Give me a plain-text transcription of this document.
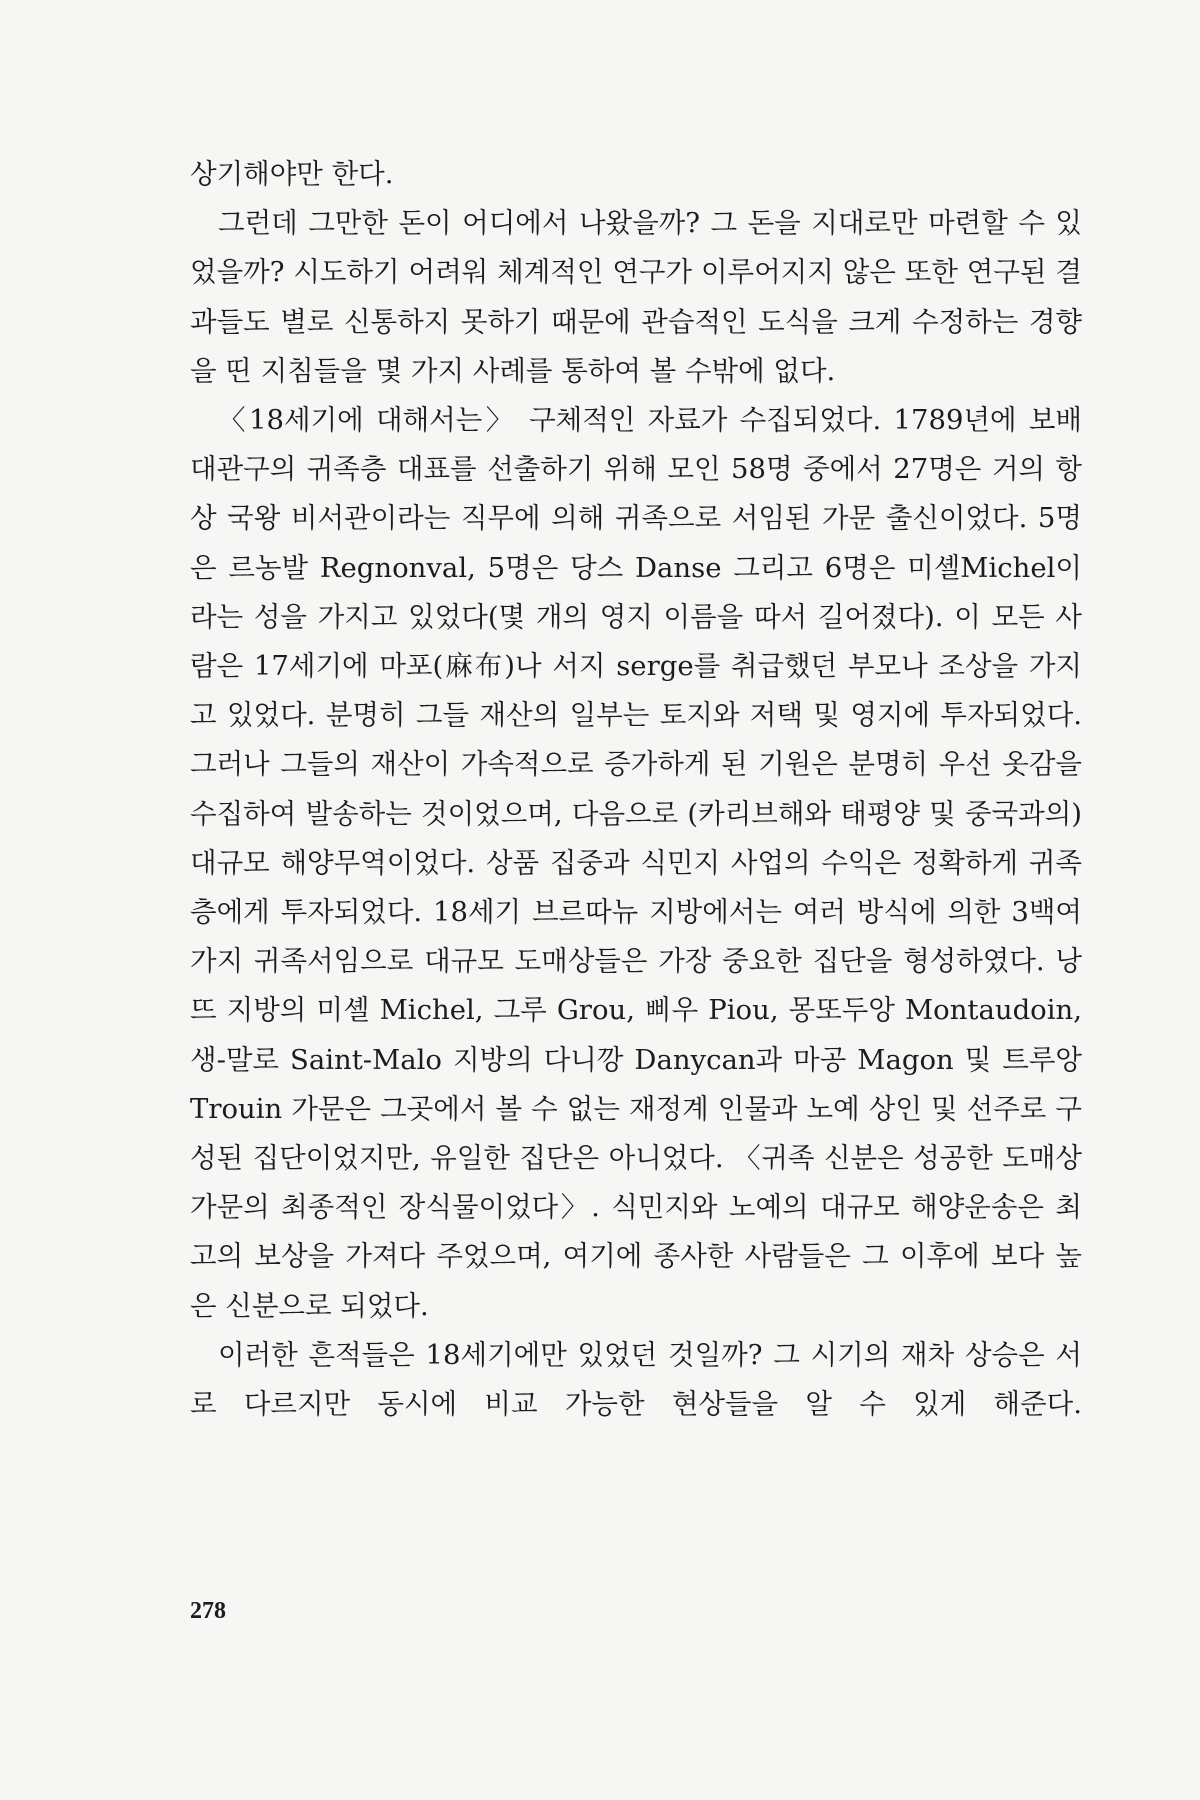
상기해야만 한다.

그런데 그만한 돈이 어디에서 나왔을까? 그 돈을 지대로만 마련할 수 있었을까? 시도하기 어려워 체계적인 연구가 이루어지지 않은 또한 연구된 결과들도 별로 신통하지 못하기 때문에 관습적인 도식을 크게 수정하는 경향을 띤 지침들을 몇 가지 사례를 통하여 볼 수밖에 없다.

〈18세기에 대해서는〉 구체적인 자료가 수집되었다. 1789년에 보배 대관구의 귀족층 대표를 선출하기 위해 모인 58명 중에서 27명은 거의 항상 국왕 비서관이라는 직무에 의해 귀족으로 서임된 가문 출신이었다. 5명은 르농발 Regnonval, 5명은 당스 Danse 그리고 6명은 미셸Michel이라는 성을 가지고 있었다(몇 개의 영지 이름을 따서 길어졌다). 이 모든 사람은 17세기에 마포(麻布)나 서지 serge를 취급했던 부모나 조상을 가지고 있었다. 분명히 그들 재산의 일부는 토지와 저택 및 영지에 투자되었다. 그러나 그들의 재산이 가속적으로 증가하게 된 기원은 분명히 우선 옷감을 수집하여 발송하는 것이었으며, 다음으로 (카리브해와 태평양 및 중국과의) 대규모 해양무역이었다. 상품 집중과 식민지 사업의 수익은 정확하게 귀족층에게 투자되었다. 18세기 브르따뉴 지방에서는 여러 방식에 의한 3백여 가지 귀족서임으로 대규모 도매상들은 가장 중요한 집단을 형성하였다. 낭뜨 지방의 미셸 Michel, 그루 Grou, 삐우 Piou, 몽또두앙 Montaudoin, 생-말로 Saint-Malo 지방의 다니깡 Danycan과 마공 Magon 및 트루앙 Trouin 가문은 그곳에서 볼 수 없는 재정계 인물과 노예 상인 및 선주로 구성된 집단이었지만, 유일한 집단은 아니었다. 〈귀족 신분은 성공한 도매상 가문의 최종적인 장식물이었다〉. 식민지와 노예의 대규모 해양운송은 최고의 보상을 가져다 주었으며, 여기에 종사한 사람들은 그 이후에 보다 높은 신분으로 되었다.

이러한 흔적들은 18세기에만 있었던 것일까? 그 시기의 재차 상승은 서로 다르지만 동시에 비교 가능한 현상들을 알 수 있게 해준다.

278
